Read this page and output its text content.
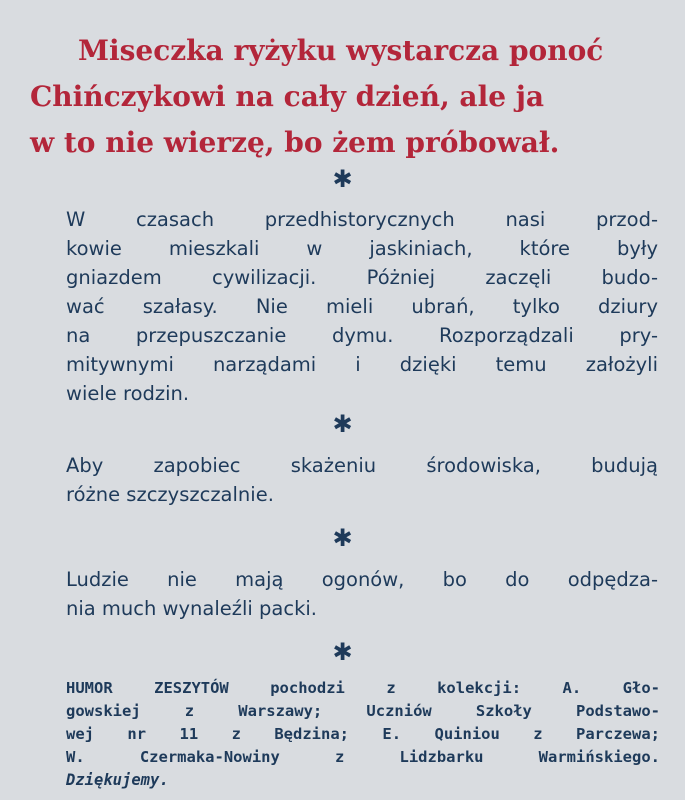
Miseczka ryżyku wystarcza ponoć
Chińczykowi na cały dzień, ale ja
w to nie wierzę, bo żem próbował.
✱
W czasach przedhistorycznych nasi przod-
kowie mieszkali w jaskiniach, które były
gniazdem cywilizacji. Póżniej zaczęli budo-
wać szałasy. Nie mieli ubrań, tylko dziury
na przepuszczanie dymu. Rozporządzali pry-
mitywnymi narządami i dzięki temu założyli
wiele rodzin.
✱
Aby zapobiec skażeniu środowiska, budują
różne szczyszczalnie.
✱
Ludzie nie mają ogonów, bo do odpędza-
nia much wynaleźli packi.
✱
HUMOR ZESZYTÓW pochodzi z kolekcji: A. Gło-
gowskiej z Warszawy; Uczniów Szkoły Podstawo-
wej nr 11 z Będzina; E. Quiniou z Parczewa;
W. Czermaka-Nowiny z Lidzbarku Warmińskiego.
Dziękujemy.
